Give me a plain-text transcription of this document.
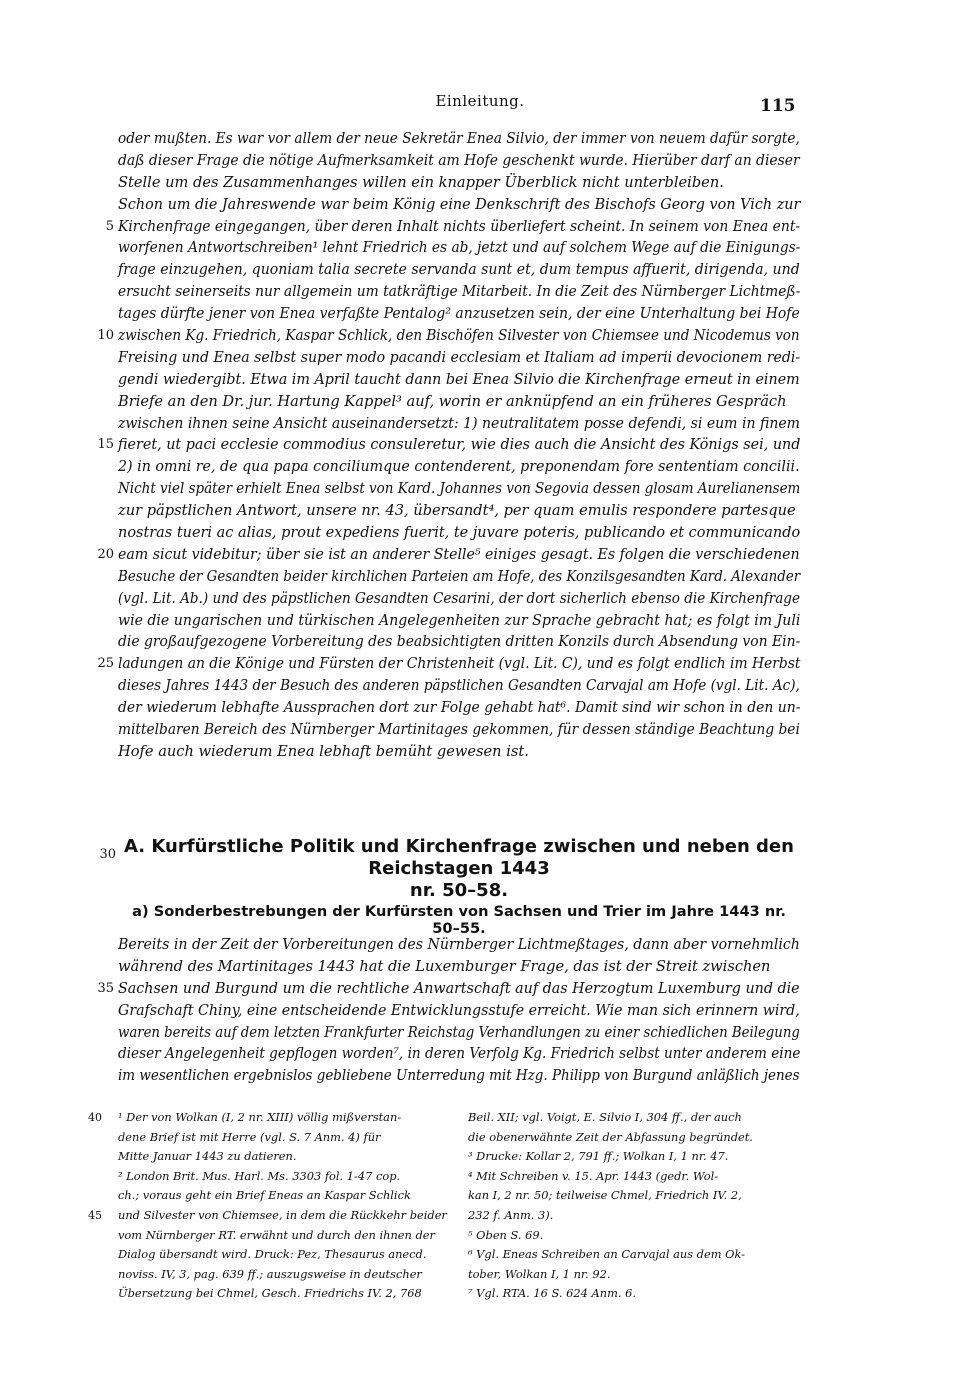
Einleitung.	115
oder mußten. Es war vor allem der neue Sekretär Enea Silvio, der immer von neuem dafür sorgte,
daß dieser Frage die nötige Aufmerksamkeit am Hofe geschenkt wurde. Hierüber darf an dieser
Stelle um des Zusammenhanges willen ein knapper Überblick nicht unterbleiben.
Schon um die Jahreswende war beim König eine Denkschrift des Bischofs Georg von Vich zur
5 Kirchenfrage eingegangen, über deren Inhalt nichts überliefert scheint. In seinem von Enea ent-
worfenen Antwortschreiben¹ lehnt Friedrich es ab, jetzt und auf solchem Wege auf die Einigungs-
frage einzugehen, quoniam talia secrete servanda sunt et, dum tempus affuerit, dirigenda, und
ersucht seinerseits nur allgemein um tatkräftige Mitarbeit. In die Zeit des Nürnberger Lichtmeß-
tages dürfte jener von Enea verfaßte Pentalog² anzusetzen sein, der eine Unterhaltung bei Hofe
10 zwischen Kg. Friedrich, Kaspar Schlick, den Bischöfen Silvester von Chiemsee und Nicodemus von
Freising und Enea selbst super modo pacandi ecclesiam et Italiam ad imperii devocionem redi-
gendi wiedergibt. Etwa im April taucht dann bei Enea Silvio die Kirchenfrage erneut in einem
Briefe an den Dr. jur. Hartung Kappel³ auf, worin er anknüpfend an ein früheres Gespräch
zwischen ihnen seine Ansicht auseinandersetzt: 1) neutralitatem posse defendi, si eum in finem
15 fieret, ut paci ecclesie commodius consuleretur, wie dies auch die Ansicht des Königs sei, und
2) in omni re, de qua papa conciliumque contenderent, preponendam fore sententiam concilii.
Nicht viel später erhielt Enea selbst von Kard. Johannes von Segovia dessen glosam Aurelianensem
zur päpstlichen Antwort, unsere nr. 43, übersandt⁴, per quam emulis respondere partesque
nostras tueri ac alias, prout expediens fuerit, te juvare poteris, publicando et communicando
20 eam sicut videbitur; über sie ist an anderer Stelle⁵ einiges gesagt. Es folgen die verschiedenen
Besuche der Gesandten beider kirchlichen Parteien am Hofe, des Konzilsgesandten Kard. Alexander
(vgl. Lit. Ab.) und des päpstlichen Gesandten Cesarini, der dort sicherlich ebenso die Kirchenfrage
wie die ungarischen und türkischen Angelegenheiten zur Sprache gebracht hat; es folgt im Juli
die großaufgezogene Vorbereitung des beabsichtigten dritten Konzils durch Absendung von Ein-
25 ladungen an die Könige und Fürsten der Christenheit (vgl. Lit. C), und es folgt endlich im Herbst
dieses Jahres 1443 der Besuch des anderen päpstlichen Gesandten Carvajal am Hofe (vgl. Lit. Ac),
der wiederum lebhafte Aussprachen dort zur Folge gehabt hat⁶. Damit sind wir schon in den un-
mittelbaren Bereich des Nürnberger Martinitages gekommen, für dessen ständige Beachtung bei
Hofe auch wiederum Enea lebhaft bemüht gewesen ist.
30 A. Kurfürstliche Politik und Kirchenfrage zwischen und neben den Reichstagen 1443
nr. 50–58.
a) Sonderbestrebungen der Kurfürsten von Sachsen und Trier im Jahre 1443 nr. 50–55.
Bereits in der Zeit der Vorbereitungen des Nürnberger Lichtmeßtages, dann aber vornehmlich
während des Martinitages 1443 hat die Luxemburger Frage, das ist der Streit zwischen
35 Sachsen und Burgund um die rechtliche Anwartschaft auf das Herzogtum Luxemburg und die
Grafschaft Chiny, eine entscheidende Entwicklungsstufe erreicht. Wie man sich erinnern wird,
waren bereits auf dem letzten Frankfurter Reichstag Verhandlungen zu einer schiedlichen Beilegung
dieser Angelegenheit gepflogen worden⁷, in deren Verfolg Kg. Friedrich selbst unter anderem eine
im wesentlichen ergebnislos gebliebene Unterredung mit Hzg. Philipp von Burgund anläßlich jenes
40 ¹ Der von Wolkan (I, 2 nr. XIII) völlig mißverstan-
dene Brief ist mit Herre (vgl. S. 7 Anm. 4) für
Mitte Januar 1443 zu datieren.
² London Brit. Mus. Harl. Ms. 3303 fol. 1-47 cop.
ch.; voraus geht ein Brief Eneas an Kaspar Schlick
45 und Silvester von Chiemsee, in dem die Rückkehr beider
vom Nürnberger RT. erwähnt und durch den ihnen der
Dialog übersandt wird. Druck: Pez, Thesaurus anecd.
noviss. IV, 3, pag. 639 ff.; auszugsweise in deutscher
Übersetzung bei Chmel, Gesch. Friedrichs IV. 2, 768
Beil. XII; vgl. Voigt, E. Silvio I, 304 ff., der auch
die obenerwähnte Zeit der Abfassung begründet.
³ Drucke: Kollar 2, 791 ff.; Wolkan I, 1 nr. 47.
⁴ Mit Schreiben v. 15. Apr. 1443 (gedr. Wol-
kan I, 2 nr. 50; teilweise Chmel, Friedrich IV. 2,
232 f. Anm. 3).
⁵ Oben S. 69.
⁶ Vgl. Eneas Schreiben an Carvajal aus dem Ok-
tober, Wolkan I, 1 nr. 92.
⁷ Vgl. RTA. 16 S. 624 Anm. 6.
